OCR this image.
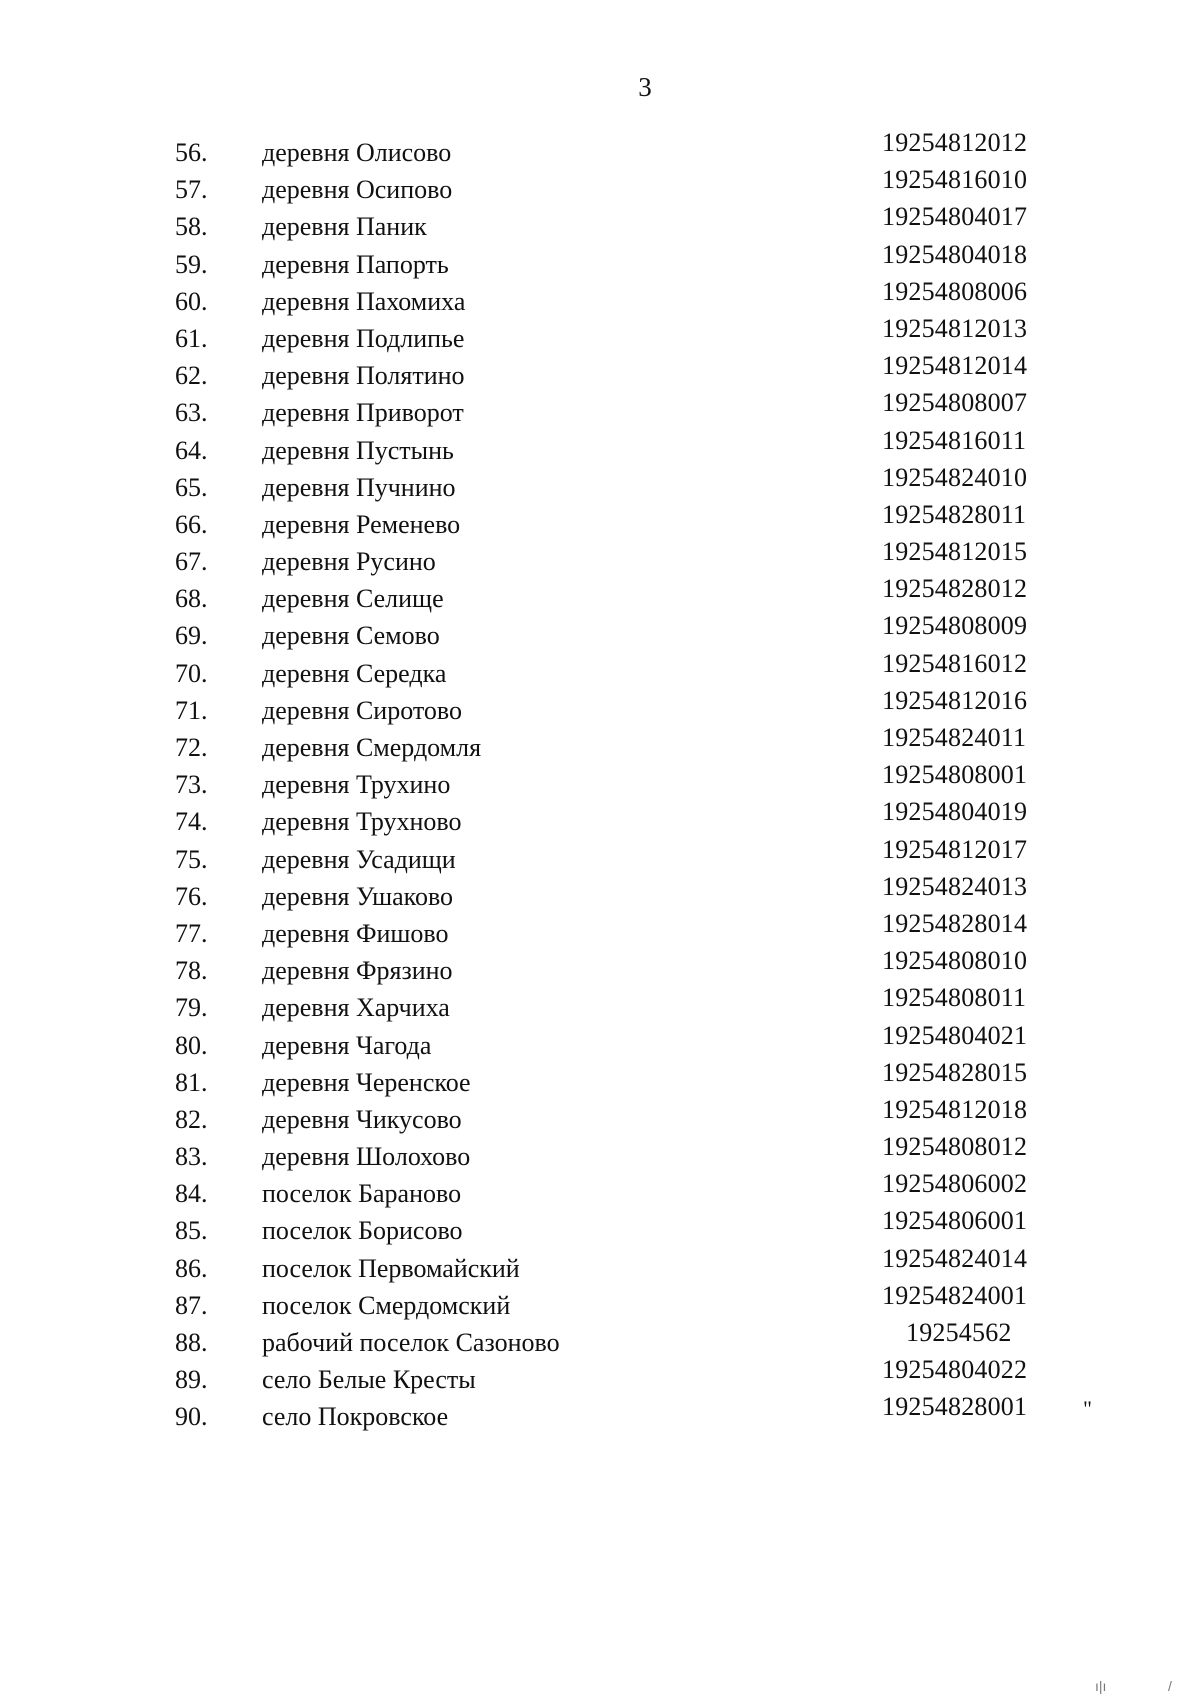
3
56. деревня Олисово	19254812012
57. деревня Осипово	19254816010
58. деревня Паник	19254804017
59. деревня Папорть	19254804018
60. деревня Пахомиха	19254808006
61. деревня Подлипье	19254812013
62. деревня Полятино	19254812014
63. деревня Приворот	19254808007
64. деревня Пустынь	19254816011
65. деревня Пучнино	19254824010
66. деревня Ременево	19254828011
67. деревня Русино	19254812015
68. деревня Селище	19254828012
69. деревня Семово	19254808009
70. деревня Середка	19254816012
71. деревня Сиротово	19254812016
72. деревня Смердомля	19254824011
73. деревня Трухино	19254808001
74. деревня Трухново	19254804019
75. деревня Усадищи	19254812017
76. деревня Ушаково	19254824013
77. деревня Фишово	19254828014
78. деревня Фрязино	19254808010
79. деревня Харчиха	19254808011
80. деревня Чагода	19254804021
81. деревня Черенское	19254828015
82. деревня Чикусово	19254812018
83. деревня Шолохово	19254808012
84. поселок Бараново	19254806002
85. поселок Борисово	19254806001
86. поселок Первомайский	19254824014
87. поселок Смердомский	19254824001
88. рабочий поселок Сазоново	19254562
89. село Белые Кресты	19254804022
90. село Покровское	19254828001	"
ı|ı	/
